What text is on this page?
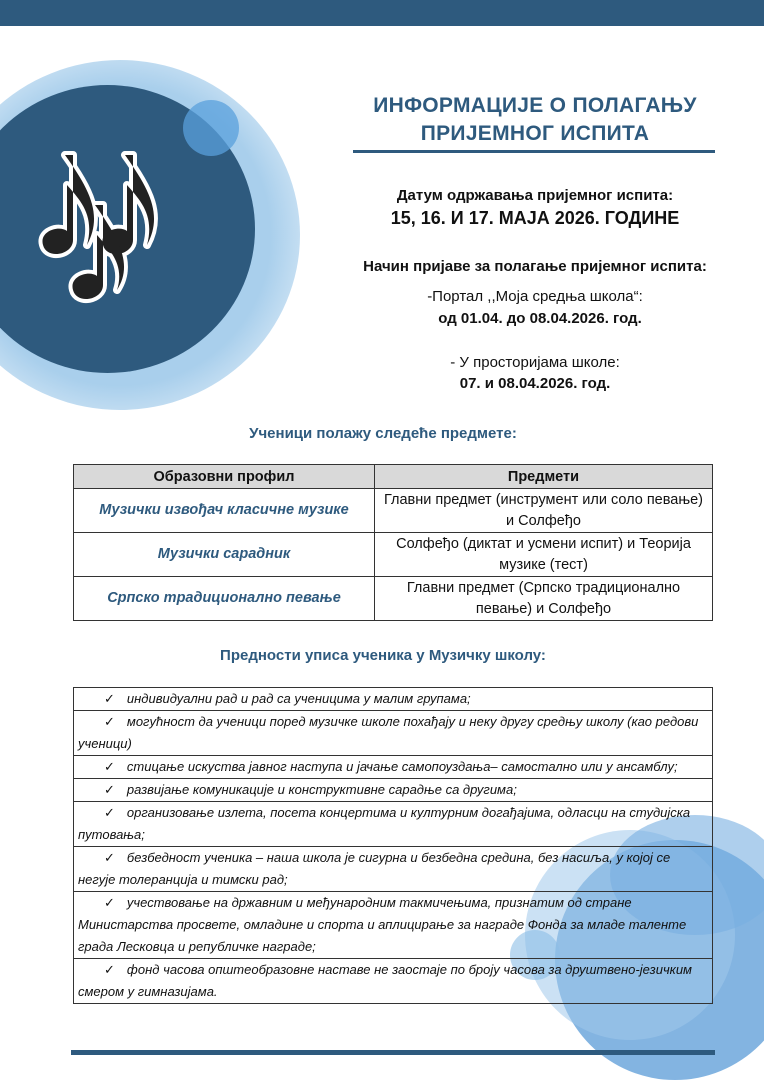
ИНФОРМАЦИЈЕ О ПОЛАГАЊУ
ПРИЈЕМНОГ ИСПИТА
Датум одржавања пријемног испита:
15, 16. И 17. МАЈА 2026. ГОДИНЕ
Начин пријаве за полагање пријемног испита:
-Портал ,,Моја средња школа“:
од 01.04. до 08.04.2026. год.
- У просторијама школе:
07. и 08.04.2026. год.
Ученици полажу следеће предмете:
Образовни профил	Предмети
Музички извођач класичне музике	Главни предмет (инструмент или соло певање) и Солфеђо
Музички сарадник	Солфеђо (диктат и усмени испит) и Теорија музике (тест)
Српско традиционално певање	Главни предмет (Српско традиционално певање) и Солфеђо
Предности уписа ученика у Музичку школу:
✓ индивидуални рад и рад са ученицима у малим групама;
✓ могућност да ученици поред музичке школе похађају и неку другу средњу школу (као редови ученици)
✓ стицање искуства јавног наступа и јачање самопоуздања– самостално или у ансамблу;
✓ развијање комуникације и конструктивне сарадње са другима;
✓ организовање излета, посета концертима и културним догађајима, одласци на студијска путовања;
✓ безбедност ученика – наша школа је сигурна и безбедна средина, без насиља, у којој се негује толеранција и тимски рад;
✓ учествовање на државним и међународним такмичењима, признатим од стране Министарства просвете, омладине и спорта и аплицирање за награде Фонда за младе таленте града Лесковца и републичке награде;
✓ фонд часова општеобразовне наставе не заостаје по броју часова за друштвено-језичким смером у гимназијама.
